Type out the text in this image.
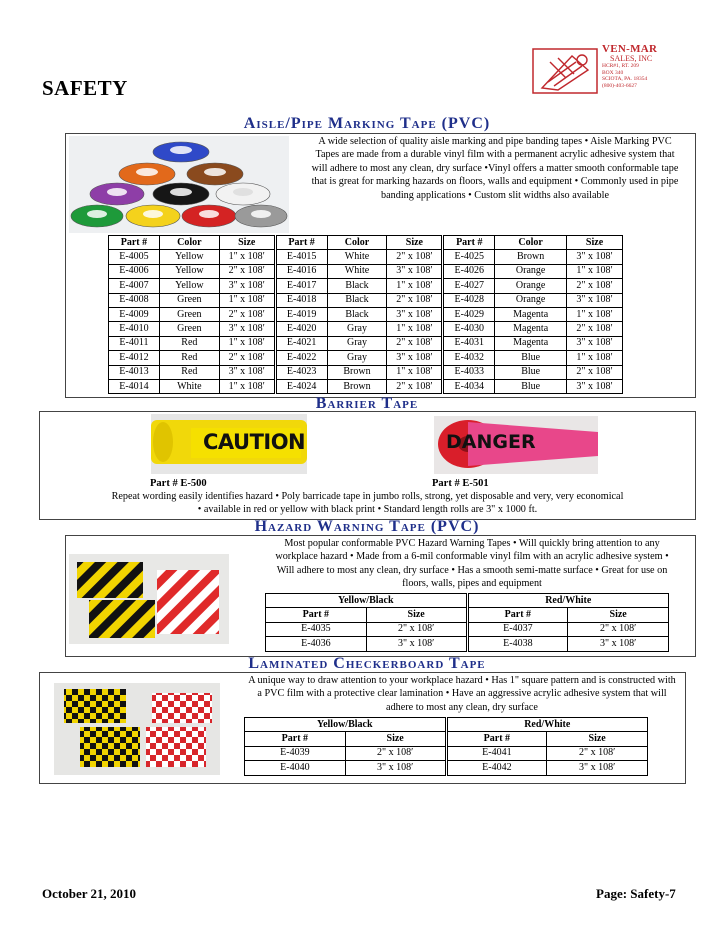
SAFETY
VEN-MAR
SALES, INC
HCR#1, RT. 209
BOX 340
SCIOTA, PA. 18354
(800)-403-6627
Aisle/Pipe Marking Tape (PVC)
A wide selection of quality aisle marking and pipe banding tapes • Aisle Marking PVC Tapes are made from a durable vinyl film with a permanent acrylic adhesive system that will adhere to most any clean, dry surface •Vinyl offers a matter smooth conformable tape that is great for marking hazards on floors, walls and equipment • Commonly used in pipe banding applications • Custom slit widths also available
Part #	Color	Size	Part #	Color	Size	Part #	Color	Size
E-4005	Yellow	1" x 108′	E-4015	White	2" x 108′	E-4025	Brown	3" x 108′
E-4006	Yellow	2" x 108′	E-4016	White	3" x 108′	E-4026	Orange	1" x 108′
E-4007	Yellow	3" x 108′	E-4017	Black	1" x 108′	E-4027	Orange	2" x 108′
E-4008	Green	1" x 108′	E-4018	Black	2" x 108′	E-4028	Orange	3" x 108′
E-4009	Green	2" x 108′	E-4019	Black	3" x 108′	E-4029	Magenta	1" x 108′
E-4010	Green	3" x 108′	E-4020	Gray	1" x 108′	E-4030	Magenta	2" x 108′
E-4011	Red	1" x 108′	E-4021	Gray	2" x 108′	E-4031	Magenta	3" x 108′
E-4012	Red	2" x 108′	E-4022	Gray	3" x 108′	E-4032	Blue	1" x 108′
E-4013	Red	3" x 108′	E-4023	Brown	1" x 108′	E-4033	Blue	2" x 108′
E-4014	White	1" x 108′	E-4024	Brown	2" x 108′	E-4034	Blue	3" x 108′
Barrier Tape
CAUTION	DANGER
Part # E-500	Part # E-501
Repeat wording easily identifies hazard • Poly barricade tape in jumbo rolls, strong, yet disposable and very, very economical
• available in red or yellow with black print • Standard length rolls are 3" x 1000 ft.
Hazard Warning Tape (PVC)
Most popular conformable PVC Hazard Warning Tapes • Will quickly bring attention to any workplace hazard • Made from a 6-mil conformable vinyl film with an acrylic adhesive system • Will adhere to most any clean, dry surface • Has a smooth semi-matte surface • Great for use on floors, walls, pipes and equipment
Yellow/Black		Red/White	
Part #	Size	Part #	Size
E-4035	2" x 108′	E-4037	2" x 108′
E-4036	3" x 108′	E-4038	3" x 108′
Laminated Checkerboard Tape
A unique way to draw attention to your workplace hazard • Has 1" square pattern and is constructed with a PVC film with a protective clear lamination • Have an aggressive acrylic adhesive system that will adhere to most any clean, dry surface
Yellow/Black		Red/White	
Part #	Size	Part #	Size
E-4039	2" x 108′	E-4041	2" x 108′
E-4040	3" x 108′	E-4042	3" x 108′
October 21, 2010	Page: Safety-7
